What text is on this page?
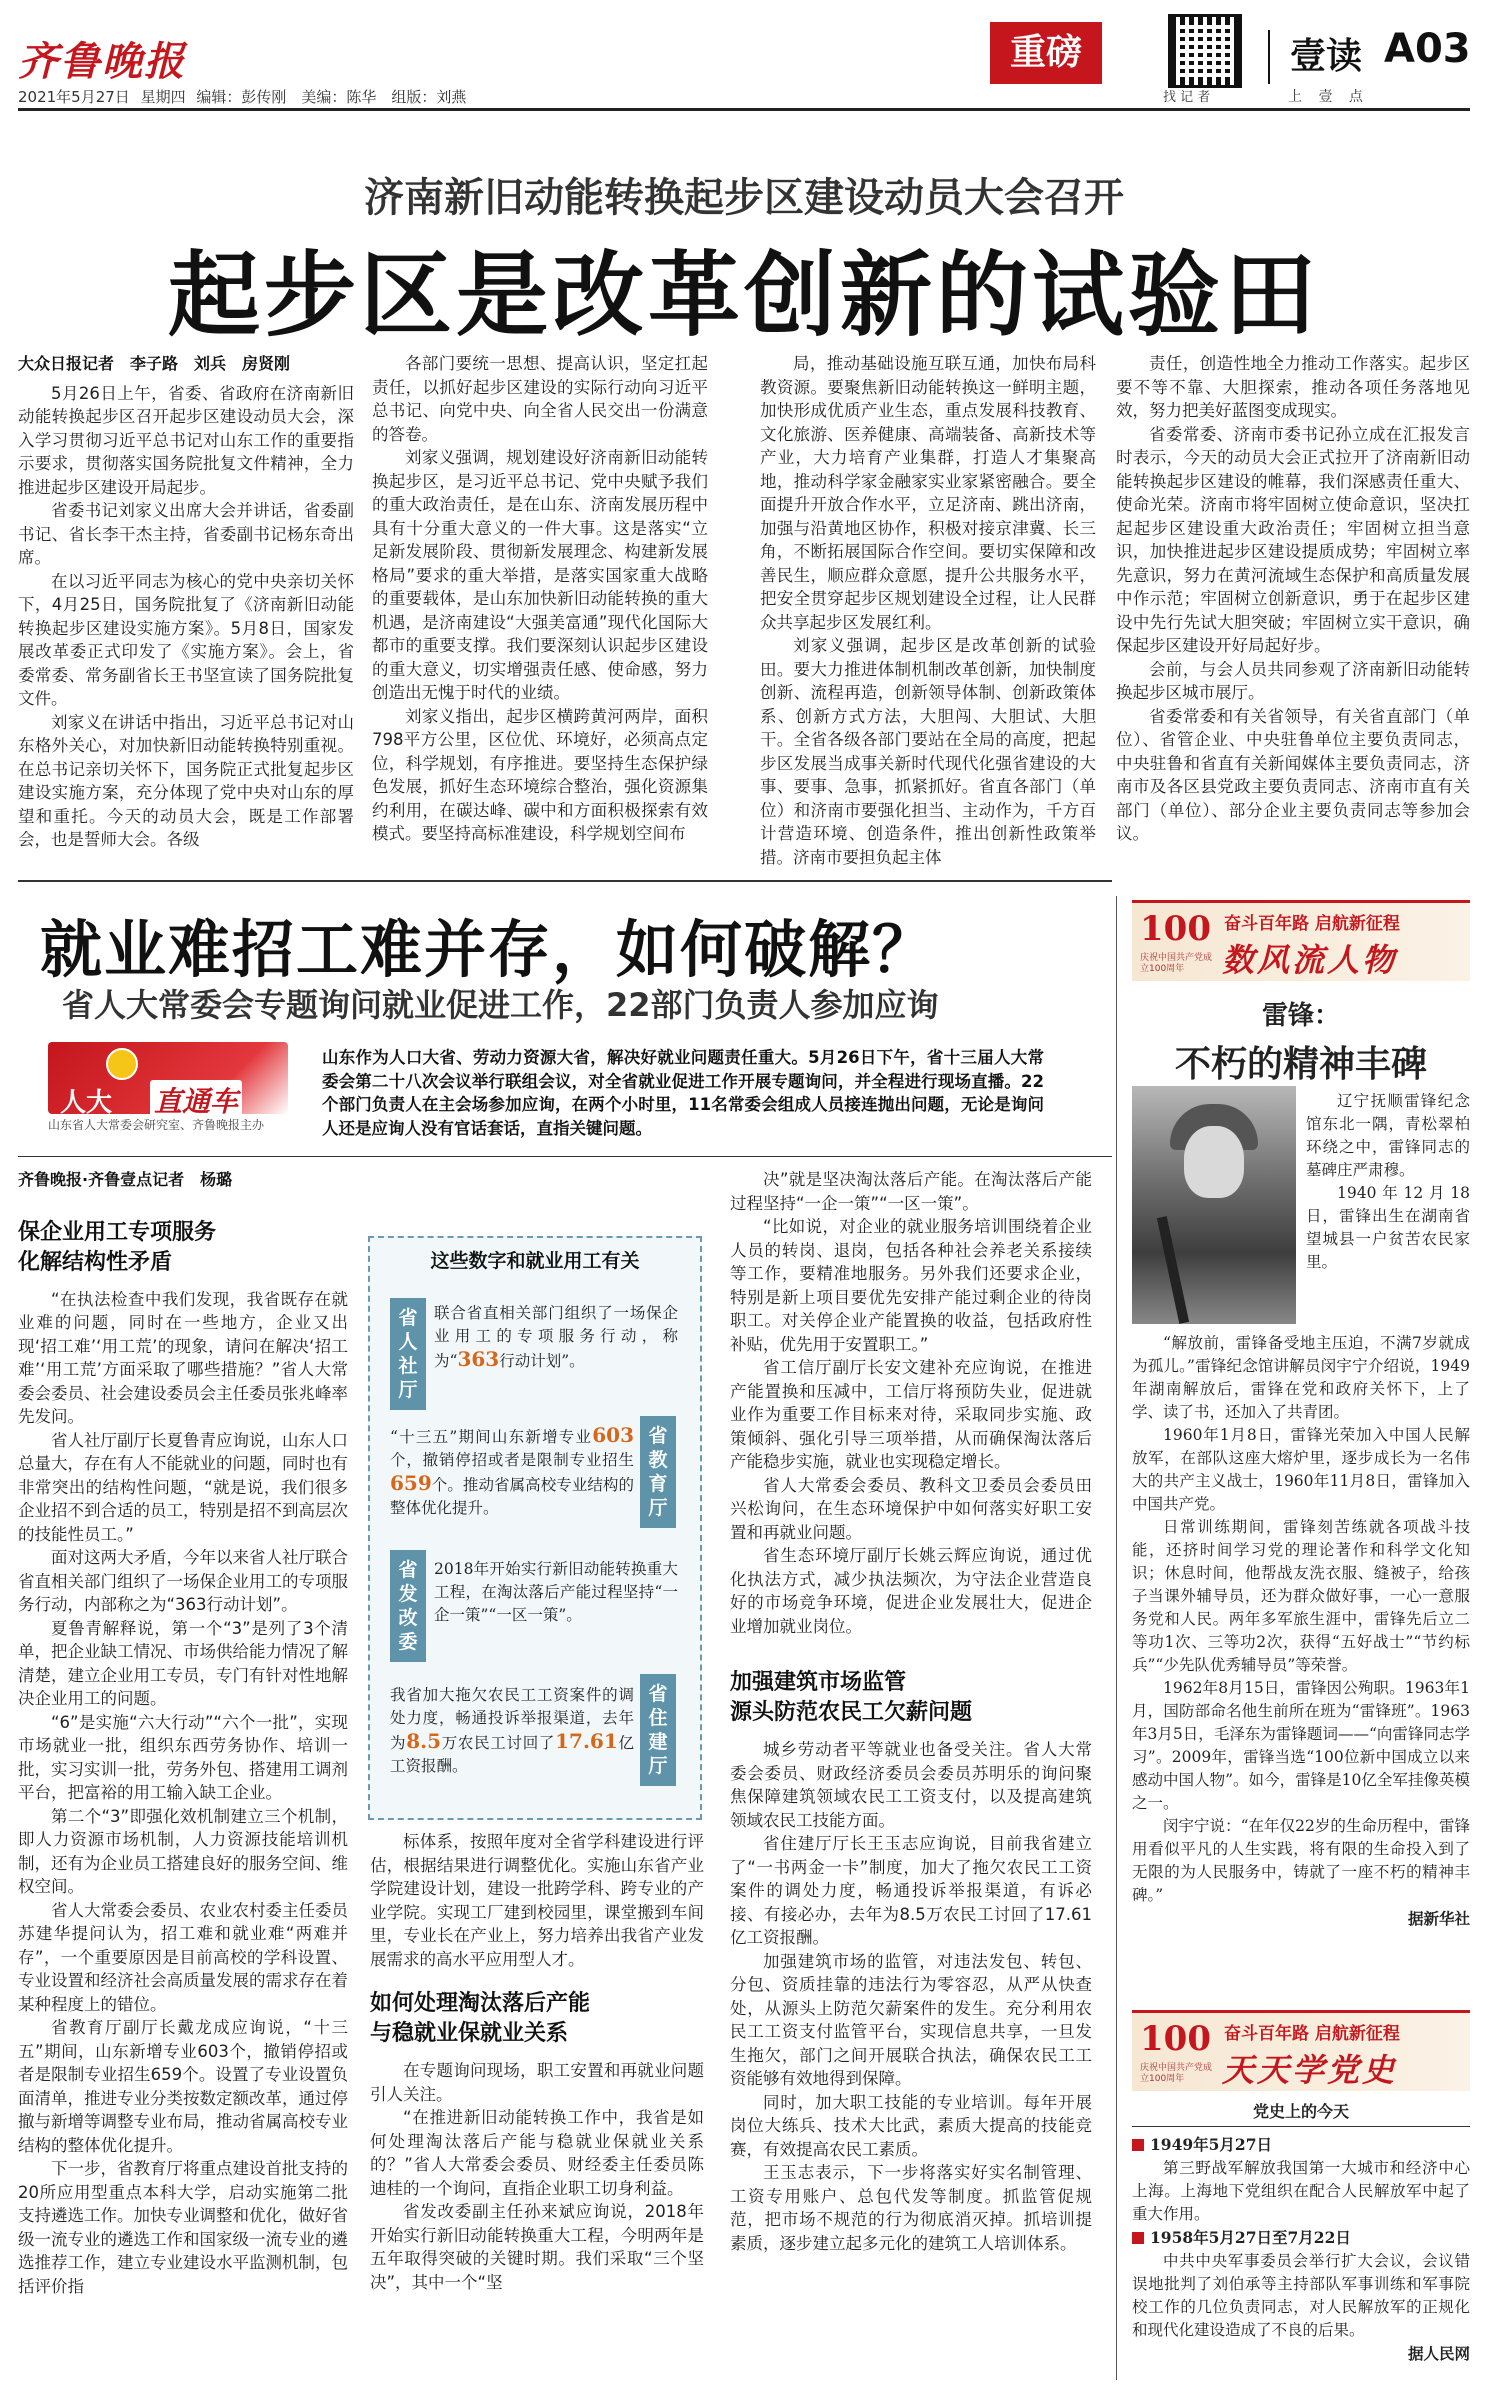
齐鲁晚报
2021年5月27日 星期四 编辑：彭传刚　美编：陈华　组版：刘燕
重磅
找 记 者
壹读 A03
上 壹 点
济南新旧动能转换起步区建设动员大会召开
起步区是改革创新的试验田
大众日报记者　李子路　刘兵　房贤刚

5月26日上午，省委、省政府在济南新旧动能转换起步区召开起步区建设动员大会，深入学习贯彻习近平总书记对山东工作的重要指示要求，贯彻落实国务院批复文件精神，全力推进起步区建设开局起步。

省委书记刘家义出席大会并讲话，省委副书记、省长李干杰主持，省委副书记杨东奇出席。

在以习近平同志为核心的党中央亲切关怀下，4月25日，国务院批复了《济南新旧动能转换起步区建设实施方案》。5月8日，国家发展改革委正式印发了《实施方案》。会上，省委常委、常务副省长王书坚宣读了国务院批复文件。

刘家义在讲话中指出，习近平总书记对山东格外关心，对加快新旧动能转换特别重视。在总书记亲切关怀下，国务院正式批复起步区建设实施方案，充分体现了党中央对山东的厚望和重托。今天的动员大会，既是工作部署会，也是誓师大会。各级

各部门要统一思想、提高认识，坚定扛起责任，以抓好起步区建设的实际行动向习近平总书记、向党中央、向全省人民交出一份满意的答卷。

刘家义强调，规划建设好济南新旧动能转换起步区，是习近平总书记、党中央赋予我们的重大政治责任，是在山东、济南发展历程中具有十分重大意义的一件大事。这是落实“立足新发展阶段、贯彻新发展理念、构建新发展格局”要求的重大举措，是落实国家重大战略的重要载体，是山东加快新旧动能转换的重大机遇，是济南建设“大强美富通”现代化国际大都市的重要支撑。我们要深刻认识起步区建设的重大意义，切实增强责任感、使命感，努力创造出无愧于时代的业绩。

刘家义指出，起步区横跨黄河两岸，面积798平方公里，区位优、环境好，必须高点定位，科学规划，有序推进。要坚持生态保护绿色发展，抓好生态环境综合整治，强化资源集约利用，在碳达峰、碳中和方面积极探索有效模式。要坚持高标准建设，科学规划空间布

局，推动基础设施互联互通，加快布局科教资源。要聚焦新旧动能转换这一鲜明主题，加快形成优质产业生态，重点发展科技教育、文化旅游、医养健康、高端装备、高新技术等产业，大力培育产业集群，打造人才集聚高地，推动科学家金融家实业家紧密融合。要全面提升开放合作水平，立足济南、跳出济南，加强与沿黄地区协作，积极对接京津冀、长三角，不断拓展国际合作空间。要切实保障和改善民生，顺应群众意愿，提升公共服务水平，把安全贯穿起步区规划建设全过程，让人民群众共享起步区发展红利。

刘家义强调，起步区是改革创新的试验田。要大力推进体制机制改革创新，加快制度创新、流程再造，创新领导体制、创新政策体系、创新方式方法，大胆闯、大胆试、大胆干。全省各级各部门要站在全局的高度，把起步区发展当成事关新时代现代化强省建设的大事、要事、急事，抓紧抓好。省直各部门（单位）和济南市要强化担当、主动作为，千方百计营造环境、创造条件，推出创新性政策举措。济南市要担负起主体

责任，创造性地全力推动工作落实。起步区要不等不靠、大胆探索，推动各项任务落地见效，努力把美好蓝图变成现实。

省委常委、济南市委书记孙立成在汇报发言时表示，今天的动员大会正式拉开了济南新旧动能转换起步区建设的帷幕，我们深感责任重大、使命光荣。济南市将牢固树立使命意识，坚决扛起起步区建设重大政治责任；牢固树立担当意识，加快推进起步区建设提质成势；牢固树立率先意识，努力在黄河流域生态保护和高质量发展中作示范；牢固树立创新意识，勇于在起步区建设中先行先试大胆突破；牢固树立实干意识，确保起步区建设开好局起好步。

会前，与会人员共同参观了济南新旧动能转换起步区城市展厅。

省委常委和有关省领导，有关省直部门（单位）、省管企业、中央驻鲁单位主要负责同志，中央驻鲁和省直有关新闻媒体主要负责同志，济南市及各区县党政主要负责同志、济南市直有关部门（单位）、部分企业主要负责同志等参加会议。

就业难招工难并存，如何破解？
省人大常委会专题询问就业促进工作，22部门负责人参加应询
人大 直通车
山东省人大常委会研究室、齐鲁晚报主办
山东作为人口大省、劳动力资源大省，解决好就业问题责任重大。5月26日下午，省十三届人大常委会第二十八次会议举行联组会议，对全省就业促进工作开展专题询问，并全程进行现场直播。22个部门负责人在主会场参加应询，在两个小时里，11名常委会组成人员接连抛出问题，无论是询问人还是应询人没有官话套话，直指关键问题。
齐鲁晚报·齐鲁壹点记者　杨璐
保企业用工专项服务
化解结构性矛盾

“在执法检查中我们发现，我省既存在就业难的问题，同时在一些地方，企业又出现‘招工难’‘用工荒’的现象，请问在解决‘招工难’‘用工荒’方面采取了哪些措施？”省人大常委会委员、社会建设委员会主任委员张兆峰率先发问。

省人社厅副厅长夏鲁青应询说，山东人口总量大，存在有人不能就业的问题，同时也有非常突出的结构性问题，“就是说，我们很多企业招不到合适的员工，特别是招不到高层次的技能性员工。”

面对这两大矛盾，今年以来省人社厅联合省直相关部门组织了一场保企业用工的专项服务行动，内部称之为“363行动计划”。

夏鲁青解释说，第一个“3”是列了3个清单，把企业缺工情况、市场供给能力情况了解清楚，建立企业用工专员，专门有针对性地解决企业用工的问题。

“6”是实施“六大行动”“六个一批”，实现市场就业一批，组织东西劳务协作、培训一批，实习实训一批，劳务外包、搭建用工调剂平台，把富裕的用工输入缺工企业。

第二个“3”即强化效机制建立三个机制，即人力资源市场机制，人力资源技能培训机制，还有为企业员工搭建良好的服务空间、维权空间。

省人大常委会委员、农业农村委主任委员苏建华提问认为，招工难和就业难“两难并存”，一个重要原因是目前高校的学科设置、专业设置和经济社会高质量发展的需求存在着某种程度上的错位。

省教育厅副厅长戴龙成应询说，“十三五”期间，山东新增专业603个，撤销停招或者是限制专业招生659个。设置了专业设置负面清单，推进专业分类按数定额改革，通过停撤与新增等调整专业布局，推动省属高校专业结构的整体优化提升。

下一步，省教育厅将重点建设首批支持的20所应用型重点本科大学，启动实施第二批支持遴选工作。加快专业调整和优化，做好省级一流专业的遴选工作和国家级一流专业的遴选推荐工作，建立专业建设水平监测机制，包括评价指

这些数字和就业用工有关
省人社厅
联合省直相关部门组织了一场保企业用工的专项服务行动，称为“363行动计划”。
省教育厅
“十三五”期间山东新增专业603个，撤销停招或者是限制专业招生659个。推动省属高校专业结构的整体优化提升。
省发改委
2018年开始实行新旧动能转换重大工程，在淘汰落后产能过程坚持“一企一策”“一区一策”。
省住建厅
我省加大拖欠农民工工资案件的调处力度，畅通投诉举报渠道，去年为8.5万农民工讨回了17.61亿工资报酬。

标体系，按照年度对全省学科建设进行评估，根据结果进行调整优化。实施山东省产业学院建设计划，建设一批跨学科、跨专业的产业学院。实现工厂建到校园里，课堂搬到车间里，专业长在产业上，努力培养出我省产业发展需求的高水平应用型人才。

如何处理淘汰落后产能
与稳就业保就业关系

在专题询问现场，职工安置和再就业问题引人关注。

“在推进新旧动能转换工作中，我省是如何处理淘汰落后产能与稳就业保就业关系的？”省人大常委会委员、财经委主任委员陈迪桂的一个询问，直指企业职工切身利益。

省发改委副主任孙来斌应询说，2018年开始实行新旧动能转换重大工程，今明两年是五年取得突破的关键时期。我们采取“三个坚决”，其中一个“坚

决”就是坚决淘汰落后产能。在淘汰落后产能过程坚持“一企一策”“一区一策”。

“比如说，对企业的就业服务培训围绕着企业人员的转岗、退岗，包括各种社会养老关系接续等工作，要精准地服务。另外我们还要求企业，特别是新上项目要优先安排产能过剩企业的待岗职工。对关停企业产能置换的收益，包括政府性补贴，优先用于安置职工。”

省工信厅副厅长安文建补充应询说，在推进产能置换和压减中，工信厅将预防失业，促进就业作为重要工作目标来对待，采取同步实施、政策倾斜、强化引导三项举措，从而确保淘汰落后产能稳步实施，就业也实现稳定增长。

省人大常委会委员、教科文卫委员会委员田兴松询问，在生态环境保护中如何落实好职工安置和再就业问题。

省生态环境厅副厅长姚云辉应询说，通过优化执法方式，减少执法频次，为守法企业营造良好的市场竞争环境，促进企业发展壮大，促进企业增加就业岗位。

加强建筑市场监管
源头防范农民工欠薪问题

城乡劳动者平等就业也备受关注。省人大常委会委员、财政经济委员会委员苏明乐的询问聚焦保障建筑领域农民工工资支付，以及提高建筑领域农民工技能方面。

省住建厅厅长王玉志应询说，目前我省建立了“一书两金一卡”制度，加大了拖欠农民工工资案件的调处力度，畅通投诉举报渠道，有诉必接、有接必办，去年为8.5万农民工讨回了17.61亿工资报酬。

加强建筑市场的监管，对违法发包、转包、分包、资质挂靠的违法行为零容忍，从严从快查处，从源头上防范欠薪案件的发生。充分利用农民工工资支付监管平台，实现信息共享，一旦发生拖欠，部门之间开展联合执法，确保农民工工资能够有效地得到保障。

同时，加大职工技能的专业培训。每年开展岗位大练兵、技术大比武，素质大提高的技能竞赛，有效提高农民工素质。

王玉志表示，下一步将落实好实名制管理、工资专用账户、总包代发等制度。抓监管促规范，把市场不规范的行为彻底消灭掉。抓培训提素质，逐步建立起多元化的建筑工人培训体系。

100 奋斗百年路 启航新征程
数风流人物
庆祝中国共产党成立100周年
雷锋：
不朽的精神丰碑

辽宁抚顺雷锋纪念馆东北一隅，青松翠柏环绕之中，雷锋同志的墓碑庄严肃穆。

1940年12月18日，雷锋出生在湖南省望城县一户贫苦农民家里。

“解放前，雷锋备受地主压迫，不满7岁就成为孤儿。”雷锋纪念馆讲解员闵宇宁介绍说，1949年湖南解放后，雷锋在党和政府关怀下，上了学、读了书，还加入了共青团。

1960年1月8日，雷锋光荣加入中国人民解放军，在部队这座大熔炉里，逐步成长为一名伟大的共产主义战士，1960年11月8日，雷锋加入中国共产党。

日常训练期间，雷锋刻苦练就各项战斗技能，还挤时间学习党的理论著作和科学文化知识；休息时间，他帮战友洗衣服、缝被子，给孩子当课外辅导员，还为群众做好事，一心一意服务党和人民。两年多军旅生涯中，雷锋先后立二等功1次、三等功2次，获得“五好战士”“节约标兵”“少先队优秀辅导员”等荣誉。

1962年8月15日，雷锋因公殉职。1963年1月，国防部命名他生前所在班为“雷锋班”。1963年3月5日，毛泽东为雷锋题词——“向雷锋同志学习”。2009年，雷锋当选“100位新中国成立以来感动中国人物”。如今，雷锋是10亿全军挂像英模之一。

闵宇宁说：“在年仅22岁的生命历程中，雷锋用看似平凡的人生实践，将有限的生命投入到了无限的为人民服务中，铸就了一座不朽的精神丰碑。”

据新华社
100 奋斗百年路 启航新征程
天天学党史
庆祝中国共产党成立100周年
党史上的今天
1949年5月27日

第三野战军解放我国第一大城市和经济中心上海。上海地下党组织在配合人民解放军中起了重大作用。

1958年5月27日至7月22日

中共中央军事委员会举行扩大会议，会议错误地批判了刘伯承等主持部队军事训练和军事院校工作的几位负责同志，对人民解放军的正规化和现代化建设造成了不良的后果。

据人民网
